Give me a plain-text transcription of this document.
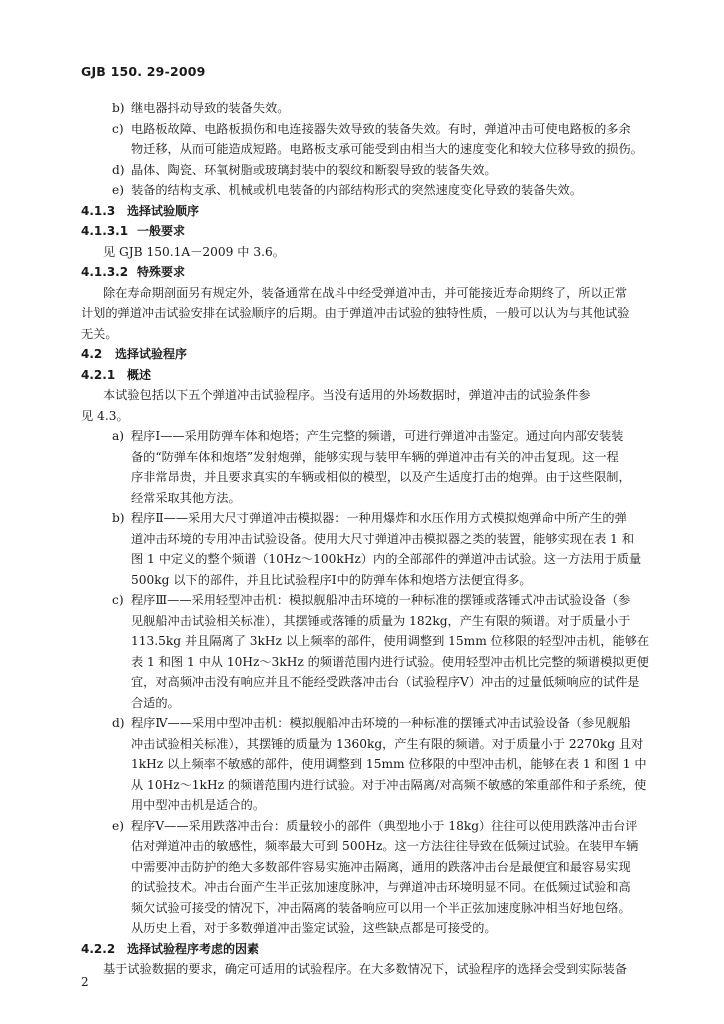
GJB 150. 29-2009
b) 继电器抖动导致的装备失效。
c) 电路板故障、电路板损伤和电连接器失效导致的装备失效。有时，弹道冲击可使电路板的多余
物迁移，从而可能造成短路。电路板支承可能受到由相当大的速度变化和较大位移导致的损伤。
d) 晶体、陶瓷、环氧树脂或玻璃封装中的裂纹和断裂导致的装备失效。
e) 装备的结构支承、机械或机电装备的内部结构形式的突然速度变化导致的装备失效。
4.1.3 选择试验顺序
4.1.3.1 一般要求
见 GJB 150.1A－2009 中 3.6。
4.1.3.2 特殊要求
除在寿命期剖面另有规定外，装备通常在战斗中经受弹道冲击，并可能接近寿命期终了，所以正常
计划的弹道冲击试验安排在试验顺序的后期。由于弹道冲击试验的独特性质，一般可以认为与其他试验
无关。
4.2 选择试验程序
4.2.1 概述
本试验包括以下五个弹道冲击试验程序。当没有适用的外场数据时，弹道冲击的试验条件参
见 4.3。
a) 程序Ⅰ——采用防弹车体和炮塔；产生完整的频谱，可进行弹道冲击鉴定。通过向内部安装装
备的“防弹车体和炮塔”发射炮弹，能够实现与装甲车辆的弹道冲击有关的冲击复现。这一程
序非常昂贵，并且要求真实的车辆或相似的模型，以及产生适度打击的炮弹。由于这些限制，
经常采取其他方法。
b) 程序Ⅱ——采用大尺寸弹道冲击模拟器：一种用爆炸和水压作用方式模拟炮弹命中所产生的弹
道冲击环境的专用冲击试验设备。使用大尺寸弹道冲击模拟器之类的装置，能够实现在表 1 和
图 1 中定义的整个频谱（10Hz～100kHz）内的全部部件的弹道冲击试验。这一方法用于质量
500kg 以下的部件，并且比试验程序Ⅰ中的防弹车体和炮塔方法便宜得多。
c) 程序Ⅲ——采用轻型冲击机：模拟舰船冲击环境的一种标准的摆锤或落锤式冲击试验设备（参
见舰船冲击试验相关标准），其摆锤或落锤的质量为 182kg，产生有限的频谱。对于质量小于
113.5kg 并且隔离了 3kHz 以上频率的部件，使用调整到 15mm 位移限的轻型冲击机，能够在
表 1 和图 1 中从 10Hz～3kHz 的频谱范围内进行试验。使用轻型冲击机比完整的频谱模拟更便
宜，对高频冲击没有响应并且不能经受跌落冲击台（试验程序Ⅴ）冲击的过量低频响应的试件是
合适的。
d) 程序Ⅳ——采用中型冲击机：模拟舰船冲击环境的一种标准的摆锤式冲击试验设备（参见舰船
冲击试验相关标准），其摆锤的质量为 1360kg，产生有限的频谱。对于质量小于 2270kg 且对
1kHz 以上频率不敏感的部件，使用调整到 15mm 位移限的中型冲击机，能够在表 1 和图 1 中
从 10Hz～1kHz 的频谱范围内进行试验。对于冲击隔离/对高频不敏感的笨重部件和子系统，使
用中型冲击机是适合的。
e) 程序Ⅴ——采用跌落冲击台：质量较小的部件（典型地小于 18kg）往往可以使用跌落冲击台评
估对弹道冲击的敏感性，频率最大可到 500Hz。这一方法往往导致在低频过试验。在装甲车辆
中需要冲击防护的绝大多数部件容易实施冲击隔离，通用的跌落冲击台是最便宜和最容易实现
的试验技术。冲击台面产生半正弦加速度脉冲，与弹道冲击环境明显不同。在低频过试验和高
频欠试验可接受的情况下，冲击隔离的装备响应可以用一个半正弦加速度脉冲相当好地包络。
从历史上看，对于多数弹道冲击鉴定试验，这些缺点都是可接受的。
4.2.2 选择试验程序考虑的因素
基于试验数据的要求，确定可适用的试验程序。在大多数情况下，试验程序的选择会受到实际装备
2
